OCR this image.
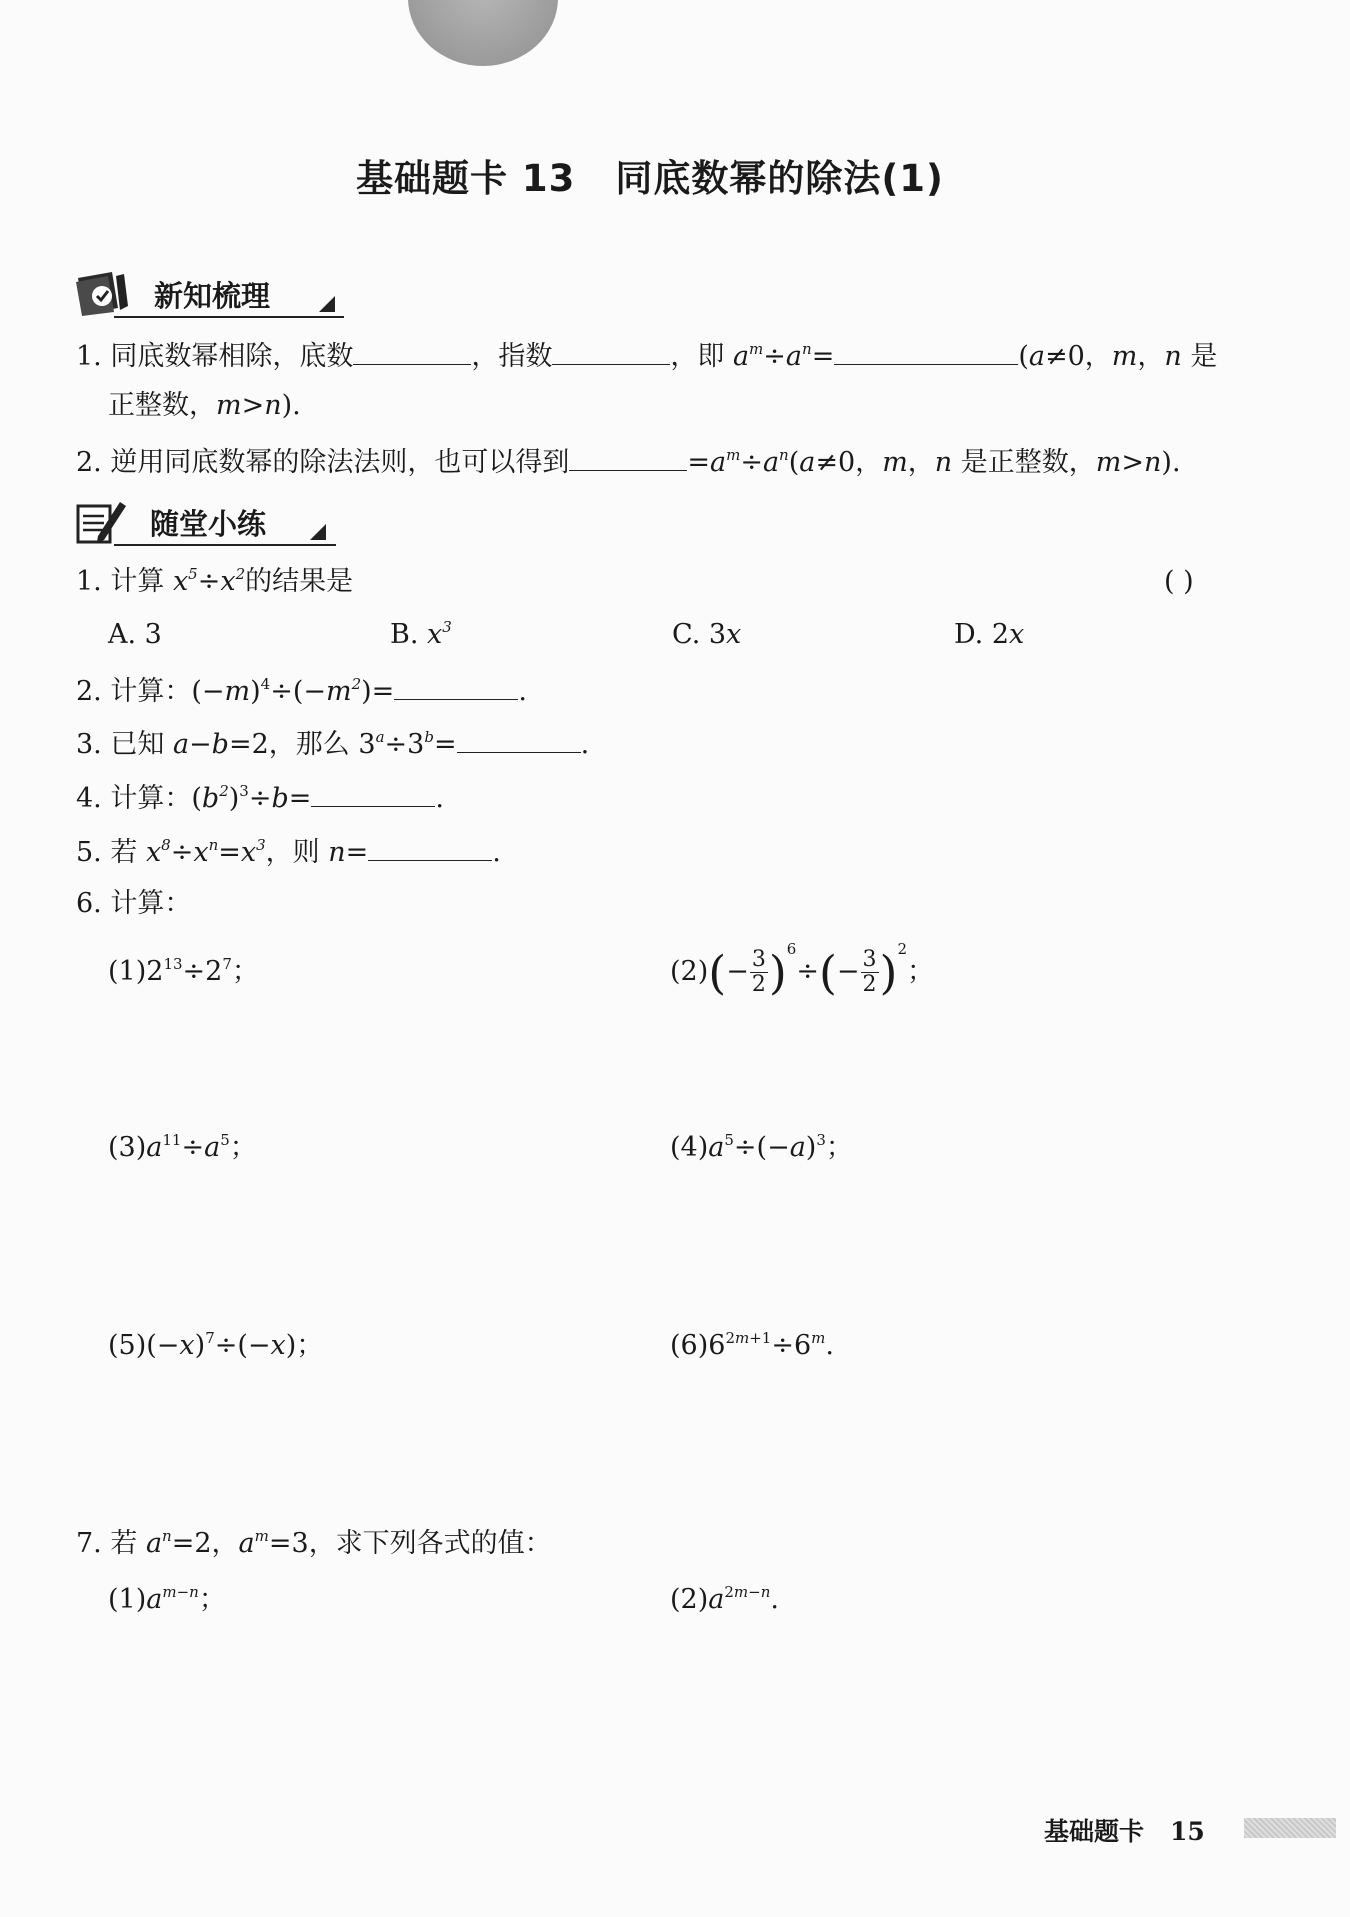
基础题卡 13 同底数幂的除法(1)
新知梳理
1. 同底数幂相除，底数	，指数	，即 $a^m\div a^n=$	(a≠0，m，n 是
正整数，m>n).
2. 逆用同底数幂的除法法则，也可以得到	$=a^m\div a^n(a\ne 0$，m，n 是正整数，m>n).
随堂小练
1. 计算 $x^5\div x^2$的结果是	( )
A. 3	B. $x^3$	C. 3x	D. 2x
2. 计算：$(-m)^4\div(-m^2)=$	.
3. 已知 a−b=2，那么 $3^a\div 3^b=$	.
4. 计算：$(b^2)^3\div b=$	.
5. 若 $x^8\div x^n=x^3$，则 n=	.
6. 计算：
$(1)2^{13}\div 2^7$；	$(2)(- \frac{3}{2} )^6\div(- \frac{3}{2} )^2$；
$(3)a^{11}\div a^5$；	$(4)a^5\div(-a)^3$；
$(5)(-x)^7\div(-x)$；	$(6)6^{2m+1}\div 6^m$.
7. 若 $a^n=2$，$a^m=3$，求下列各式的值：
$(1)a^{m-n}$；	$(2)a^{2m-n}$.
基础题卡 15
